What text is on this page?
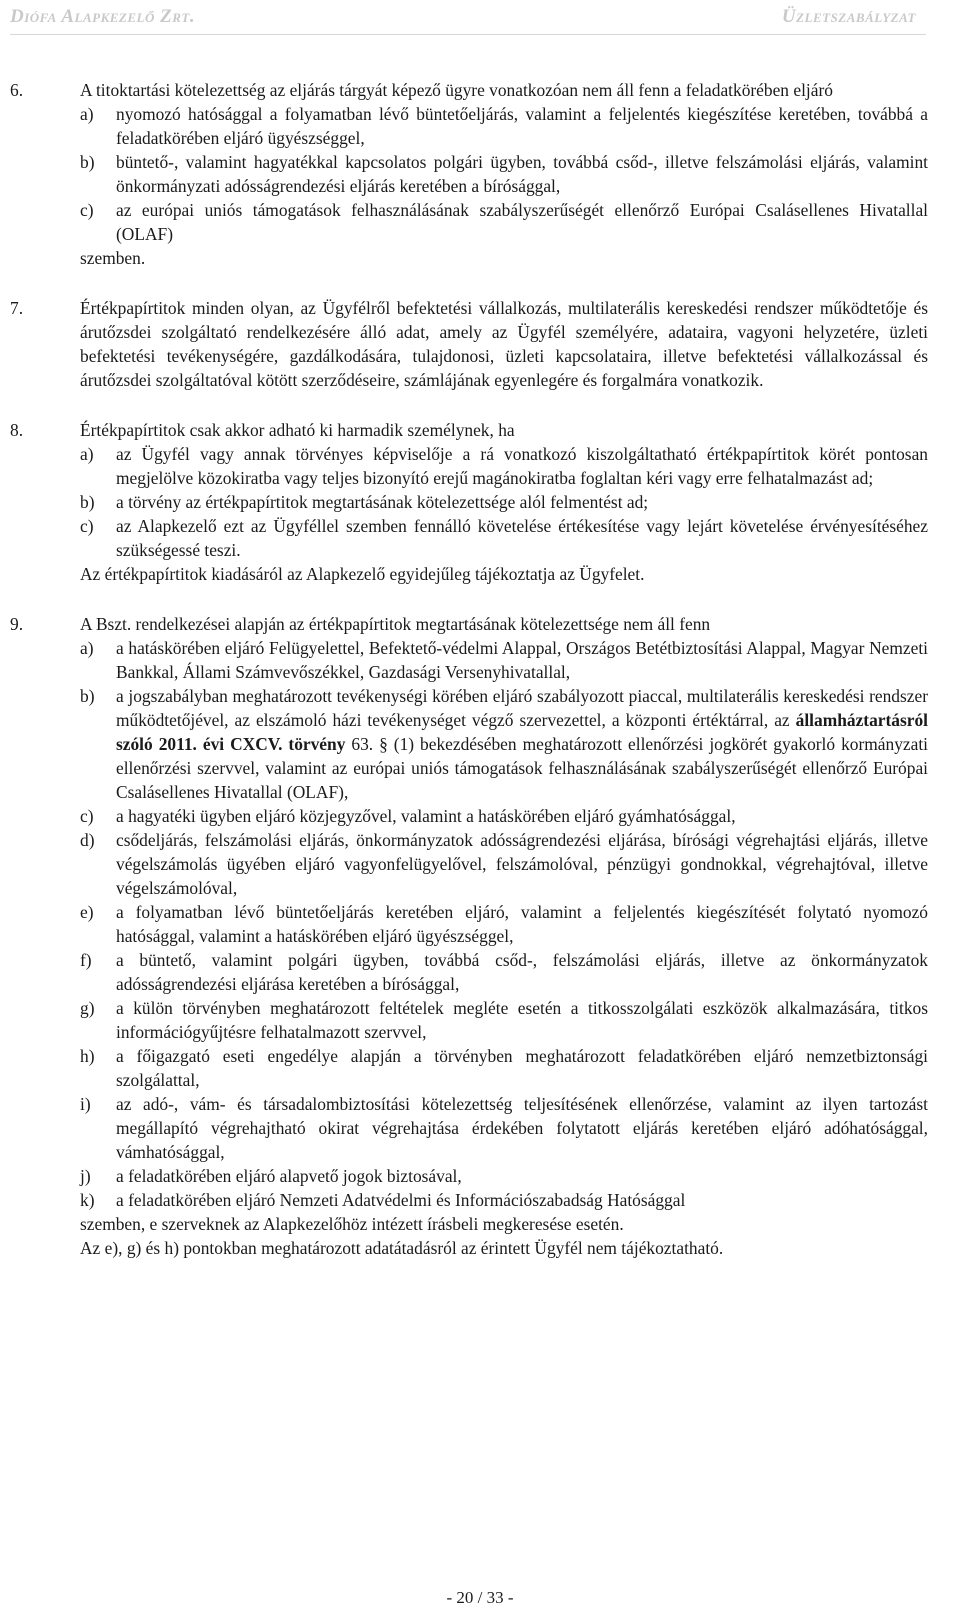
Diófa Alapkezelő Zrt.	Üzletszabályzat
6.	A titoktartási kötelezettség az eljárás tárgyát képező ügyre vonatkozóan nem áll fenn a feladatkörében eljáró

a) nyomozó hatósággal a folyamatban lévő büntetőeljárás, valamint a feljelentés kiegészítése keretében, továbbá a feladatkörében eljáró ügyészséggel,
b) büntető-, valamint hagyatékkal kapcsolatos polgári ügyben, továbbá csőd-, illetve felszámolási eljárás, valamint önkormányzati adósságrendezési eljárás keretében a bírósággal,
c) az európai uniós támogatások felhasználásának szabályszerűségét ellenőrző Európai Csalásellenes Hivatallal (OLAF)

szemben.

7.	Értékpapírtitok minden olyan, az Ügyfélről befektetési vállalkozás, multilaterális kereskedési rendszer működtetője és árutőzsdei szolgáltató rendelkezésére álló adat, amely az Ügyfél személyére, adataira, vagyoni helyzetére, üzleti befektetési tevékenységére, gazdálkodására, tulajdonosi, üzleti kapcsolataira, illetve befektetési vállalkozással és árutőzsdei szolgáltatóval kötött szerződéseire, számlájának egyenlegére és forgalmára vonatkozik.

8.	Értékpapírtitok csak akkor adható ki harmadik személynek, ha

a) az Ügyfél vagy annak törvényes képviselője a rá vonatkozó kiszolgáltatható értékpapírtitok körét pontosan megjelölve közokiratba vagy teljes bizonyító erejű magánokiratba foglaltan kéri vagy erre felhatalmazást ad;
b) a törvény az értékpapírtitok megtartásának kötelezettsége alól felmentést ad;
c) az Alapkezelő ezt az Ügyféllel szemben fennálló követelése értékesítése vagy lejárt követelése érvényesítéséhez szükségessé teszi.

Az értékpapírtitok kiadásáról az Alapkezelő egyidejűleg tájékoztatja az Ügyfelet.

9.	A Bszt. rendelkezései alapján az értékpapírtitok megtartásának kötelezettsége nem áll fenn

a) a hatáskörében eljáró Felügyelettel, Befektető-védelmi Alappal, Országos Betétbiztosítási Alappal, Magyar Nemzeti Bankkal, Állami Számvevőszékkel, Gazdasági Versenyhivatallal,
b) a jogszabályban meghatározott tevékenységi körében eljáró szabályozott piaccal, multilaterális kereskedési rendszer működtetőjével, az elszámoló házi tevékenységet végző szervezettel, a központi értéktárral, az államháztartásról szóló 2011. évi CXCV. törvény 63. § (1) bekezdésében meghatározott ellenőrzési jogkörét gyakorló kormányzati ellenőrzési szervvel, valamint az európai uniós támogatások felhasználásának szabályszerűségét ellenőrző Európai Csalásellenes Hivatallal (OLAF),
c) a hagyatéki ügyben eljáró közjegyzővel, valamint a hatáskörében eljáró gyámhatósággal,
d) csődeljárás, felszámolási eljárás, önkormányzatok adósságrendezési eljárása, bírósági végrehajtási eljárás, illetve végelszámolás ügyében eljáró vagyonfelügyelővel, felszámolóval, pénzügyi gondnokkal, végrehajtóval, illetve végelszámolóval,
e) a folyamatban lévő büntetőeljárás keretében eljáró, valamint a feljelentés kiegészítését folytató nyomozó hatósággal, valamint a hatáskörében eljáró ügyészséggel,
f) a büntető, valamint polgári ügyben, továbbá csőd-, felszámolási eljárás, illetve az önkormányzatok adósságrendezési eljárása keretében a bírósággal,
g) a külön törvényben meghatározott feltételek megléte esetén a titkosszolgálati eszközök alkalmazására, titkos információgyűjtésre felhatalmazott szervvel,
h) a főigazgató eseti engedélye alapján a törvényben meghatározott feladatkörében eljáró nemzetbiztonsági szolgálattal,
i) az adó-, vám- és társadalombiztosítási kötelezettség teljesítésének ellenőrzése, valamint az ilyen tartozást megállapító végrehajtható okirat végrehajtása érdekében folytatott eljárás keretében eljáró adóhatósággal, vámhatósággal,
j) a feladatkörében eljáró alapvető jogok biztosával,
k) a feladatkörében eljáró Nemzeti Adatvédelmi és Információszabadság Hatósággal

szemben, e szerveknek az Alapkezelőhöz intézett írásbeli megkeresése esetén.

Az e), g) és h) pontokban meghatározott adatátadásról az érintett Ügyfél nem tájékoztatható.

- 20 / 33 -
